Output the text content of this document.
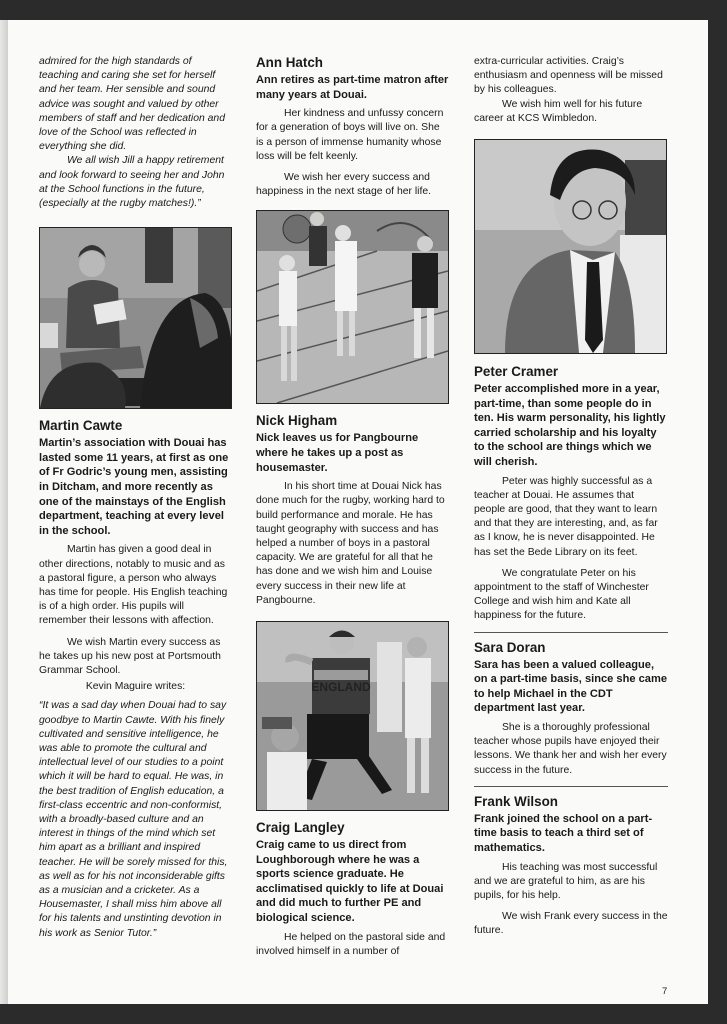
admired for the high standards of teaching and caring she set for herself and her team. Her sensible and sound advice was sought and valued by other members of staff and her dedication and love of the School was reflected in everything she did.

We all wish Jill a happy retirement and look forward to seeing her and John at the School functions in the future, (especially at the rugby matches!).”

Martin Cawte

Martin’s association with Douai has lasted some 11 years, at first as one of Fr Godric’s young men, assisting in Ditcham, and more recently as one of the mainstays of the English department, teaching at every level in the school.

Martin has given a good deal in other directions, notably to music and as a pastoral figure, a person who always has time for people. His English teaching is of a high order. His pupils will remember their lessons with affection.

We wish Martin every success as he takes up his new post at Portsmouth Grammar School.

Kevin Maguire writes:

“It was a sad day when Douai had to say goodbye to Martin Cawte. With his finely cultivated and sensitive intelligence, he was able to promote the cultural and intellectual level of our studies to a point which it will be hard to equal. He was, in the best tradition of English education, a first-class eccentric and non-conformist, with a broadly-based culture and an interest in things of the mind which set him apart as a brilliant and inspired teacher. He will be sorely missed for this, as well as for his not inconsiderable gifts as a musician and a cricketer. As a Housemaster, I shall miss him above all for his talents and unstinting devotion in his work as Senior Tutor.”

Ann Hatch

Ann retires as part-time matron after many years at Douai.

Her kindness and unfussy concern for a generation of boys will live on. She is a person of immense humanity whose loss will be felt keenly.

We wish her every success and happiness in the next stage of her life.

Nick Higham

Nick leaves us for Pangbourne where he takes up a post as housemaster.

In his short time at Douai Nick has done much for the rugby, working hard to build performance and morale. He has taught geography with success and has helped a number of boys in a pastoral capacity. We are grateful for all that he has done and we wish him and Louise every success in their new life at Pangbourne.

ENGLAND

Craig Langley

Craig came to us direct from Loughborough where he was a sports science graduate. He acclimatised quickly to life at Douai and did much to further PE and biological science.

He helped on the pastoral side and involved himself in a number of

extra-curricular activities. Craig’s enthusiasm and openness will be missed by his colleagues.

We wish him well for his future career at KCS Wimbledon.

Peter Cramer

Peter accomplished more in a year, part-time, than some people do in ten. His warm personality, his lightly carried scholarship and his loyalty to the school are things which we will cherish.

Peter was highly successful as a teacher at Douai. He assumes that people are good, that they want to learn and that they are interesting, and, as far as I know, he is never disappointed. He has set the Bede Library on its feet.

We congratulate Peter on his appointment to the staff of Winchester College and wish him and Kate all happiness for the future.

Sara Doran

Sara has been a valued colleague, on a part-time basis, since she came to help Michael in the CDT department last year.

She is a thoroughly professional teacher whose pupils have enjoyed their lessons. We thank her and wish her every success in the future.

Frank Wilson

Frank joined the school on a part-time basis to teach a third set of mathematics.

His teaching was most successful and we are grateful to him, as are his pupils, for his help.

We wish Frank every success in the future.

7
